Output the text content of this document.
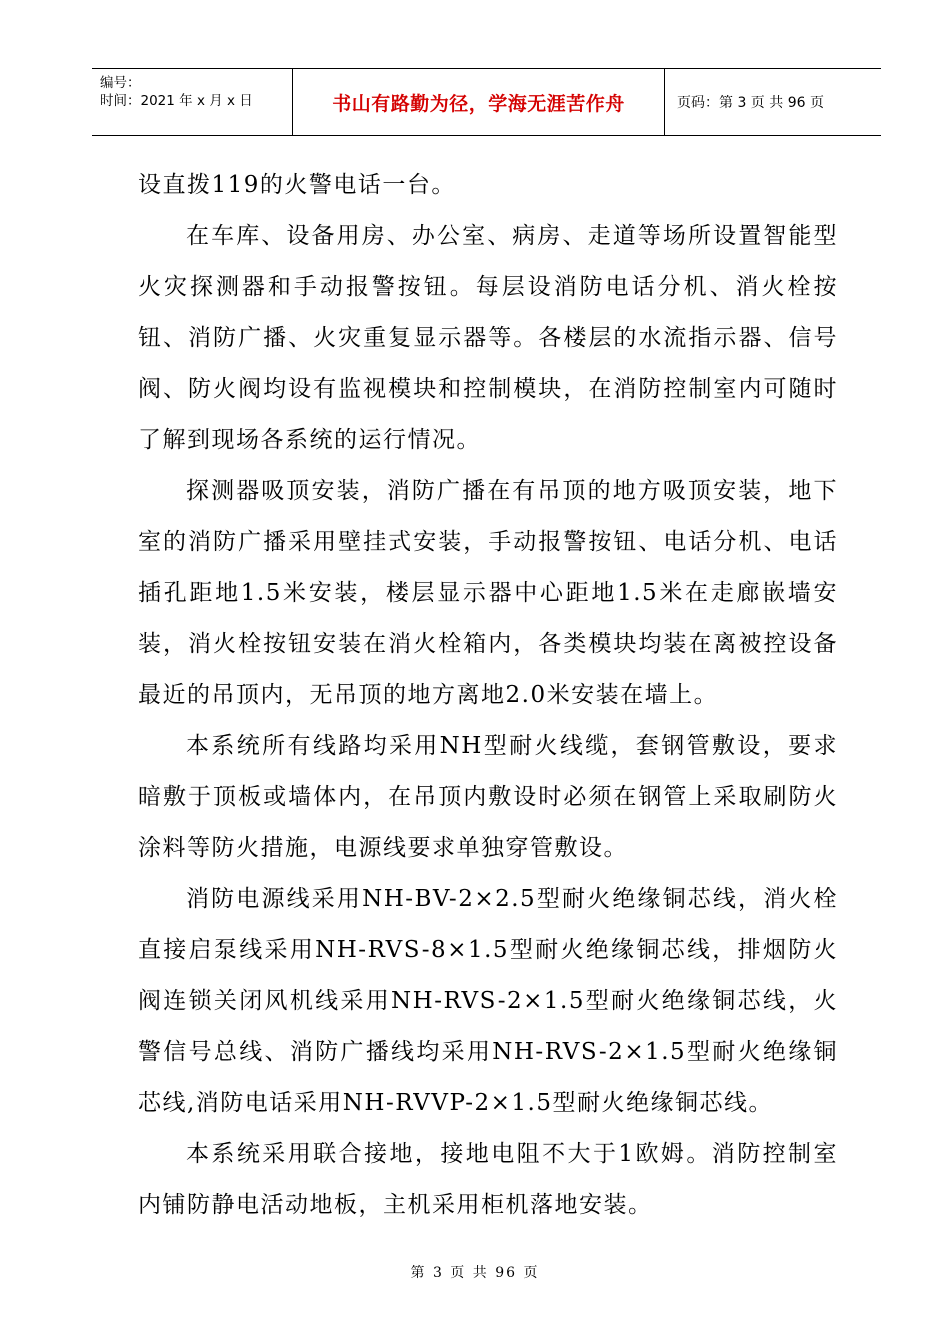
编号：
时间：2021 年 x 月 x 日	书山有路勤为径，学海无涯苦作舟	页码：第 3 页 共 96 页

设直拨119的火警电话一台。

在车库、设备用房、办公室、病房、走道等场所设置智能型火灾探测器和手动报警按钮。每层设消防电话分机、消火栓按钮、消防广播、火灾重复显示器等。各楼层的水流指示器、信号阀、防火阀均设有监视模块和控制模块，在消防控制室内可随时了解到现场各系统的运行情况。

探测器吸顶安装，消防广播在有吊顶的地方吸顶安装，地下室的消防广播采用壁挂式安装，手动报警按钮、电话分机、电话插孔距地1.5米安装，楼层显示器中心距地1.5米在走廊嵌墙安装，消火栓按钮安装在消火栓箱内，各类模块均装在离被控设备最近的吊顶内，无吊顶的地方离地2.0米安装在墙上。

本系统所有线路均采用NH型耐火线缆，套钢管敷设，要求暗敷于顶板或墙体内，在吊顶内敷设时必须在钢管上采取刷防火涂料等防火措施，电源线要求单独穿管敷设。

消防电源线采用NH-BV-2×2.5型耐火绝缘铜芯线，消火栓直接启泵线采用NH-RVS-8×1.5型耐火绝缘铜芯线，排烟防火阀连锁关闭风机线采用NH-RVS-2×1.5型耐火绝缘铜芯线，火警信号总线、消防广播线均采用NH-RVS-2×1.5型耐火绝缘铜芯线,消防电话采用NH-RVVP-2×1.5型耐火绝缘铜芯线。

本系统采用联合接地，接地电阻不大于1欧姆。消防控制室内铺防静电活动地板，主机采用柜机落地安装。

第 3 页 共 96 页
